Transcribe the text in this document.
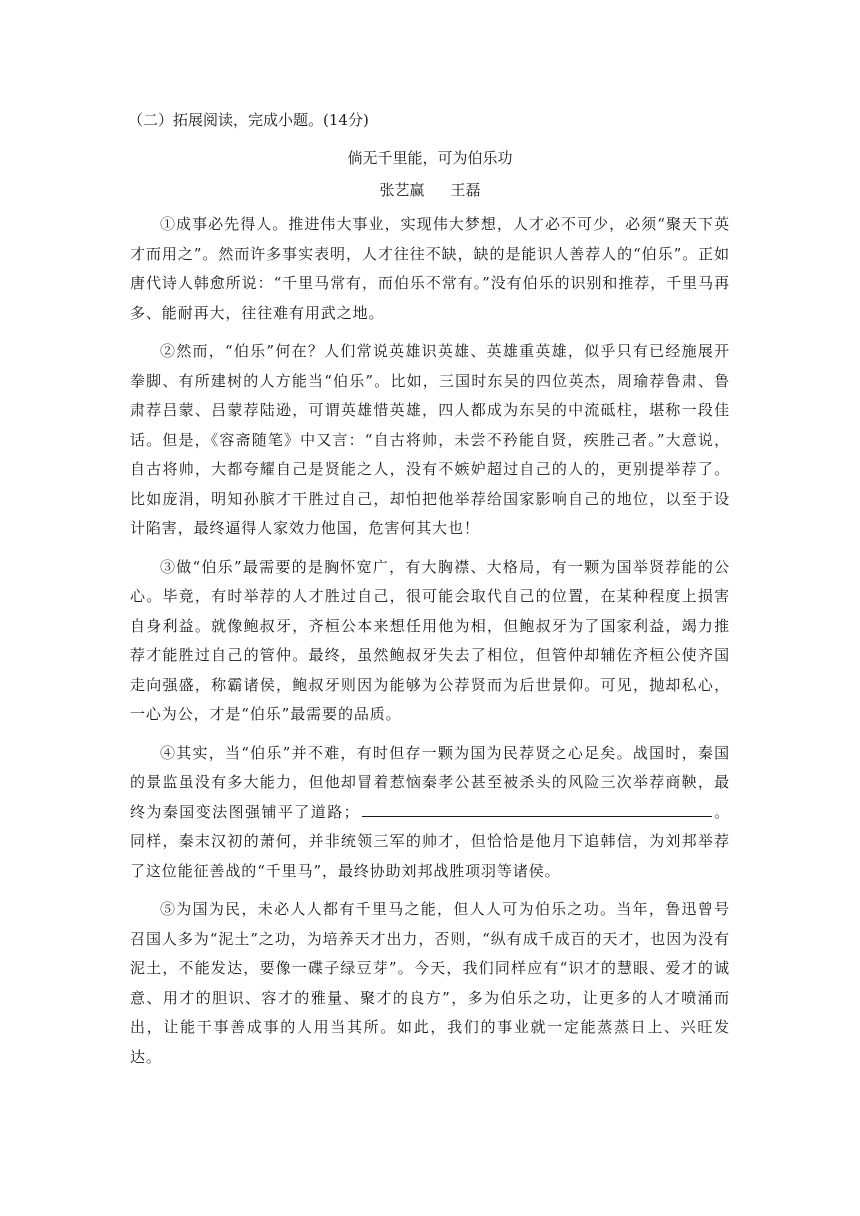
（二）拓展阅读，完成小题。(14分)
倘无千里能，可为伯乐功
张艺赢 王磊

①成事必先得人。推进伟大事业，实现伟大梦想，人才必不可少，必须“聚天下英才而用之”。然而许多事实表明，人才往往不缺，缺的是能识人善荐人的“伯乐”。正如唐代诗人韩愈所说：“千里马常有，而伯乐不常有。”没有伯乐的识别和推荐，千里马再多、能耐再大，往往难有用武之地。

②然而，“伯乐”何在？人们常说英雄识英雄、英雄重英雄，似乎只有已经施展开拳脚、有所建树的人方能当“伯乐”。比如，三国时东吴的四位英杰，周瑜荐鲁肃、鲁肃荐吕蒙、吕蒙荐陆逊，可谓英雄惜英雄，四人都成为东吴的中流砥柱，堪称一段佳话。但是，《容斋随笔》中又言：“自古将帅，未尝不矜能自贤，疾胜己者。”大意说，自古将帅，大都夸耀自己是贤能之人，没有不嫉妒超过自己的人的，更别提举荐了。比如庞涓，明知孙膑才干胜过自己，却怕把他举荐给国家影响自己的地位，以至于设计陷害，最终逼得人家效力他国，危害何其大也！

③做“伯乐”最需要的是胸怀宽广，有大胸襟、大格局，有一颗为国举贤荐能的公心。毕竟，有时举荐的人才胜过自己，很可能会取代自己的位置，在某种程度上损害自身利益。就像鲍叔牙，齐桓公本来想任用他为相，但鲍叔牙为了国家利益，竭力推荐才能胜过自己的管仲。最终，虽然鲍叔牙失去了相位，但管仲却辅佐齐桓公使齐国走向强盛，称霸诸侯，鲍叔牙则因为能够为公荐贤而为后世景仰。可见，抛却私心，一心为公，才是“伯乐”最需要的品质。

④其实，当“伯乐”并不难，有时但存一颗为国为民荐贤之心足矣。战国时，秦国的景监虽没有多大能力，但他却冒着惹恼秦孝公甚至被杀头的风险三次举荐商鞅，最终为秦国变法图强铺平了道路；	。同样，秦末汉初的萧何，并非统领三军的帅才，但恰恰是他月下追韩信，为刘邦举荐了这位能征善战的“千里马”，最终协助刘邦战胜项羽等诸侯。

⑤为国为民，未必人人都有千里马之能，但人人可为伯乐之功。当年，鲁迅曾号召国人多为“泥土”之功，为培养天才出力，否则，“纵有成千成百的天才，也因为没有泥土，不能发达，要像一碟子绿豆芽”。今天，我们同样应有“识才的慧眼、爱才的诚意、用才的胆识、容才的雅量、聚才的良方”，多为伯乐之功，让更多的人才喷涌而出，让能干事善成事的人用当其所。如此，我们的事业就一定能蒸蒸日上、兴旺发达。
